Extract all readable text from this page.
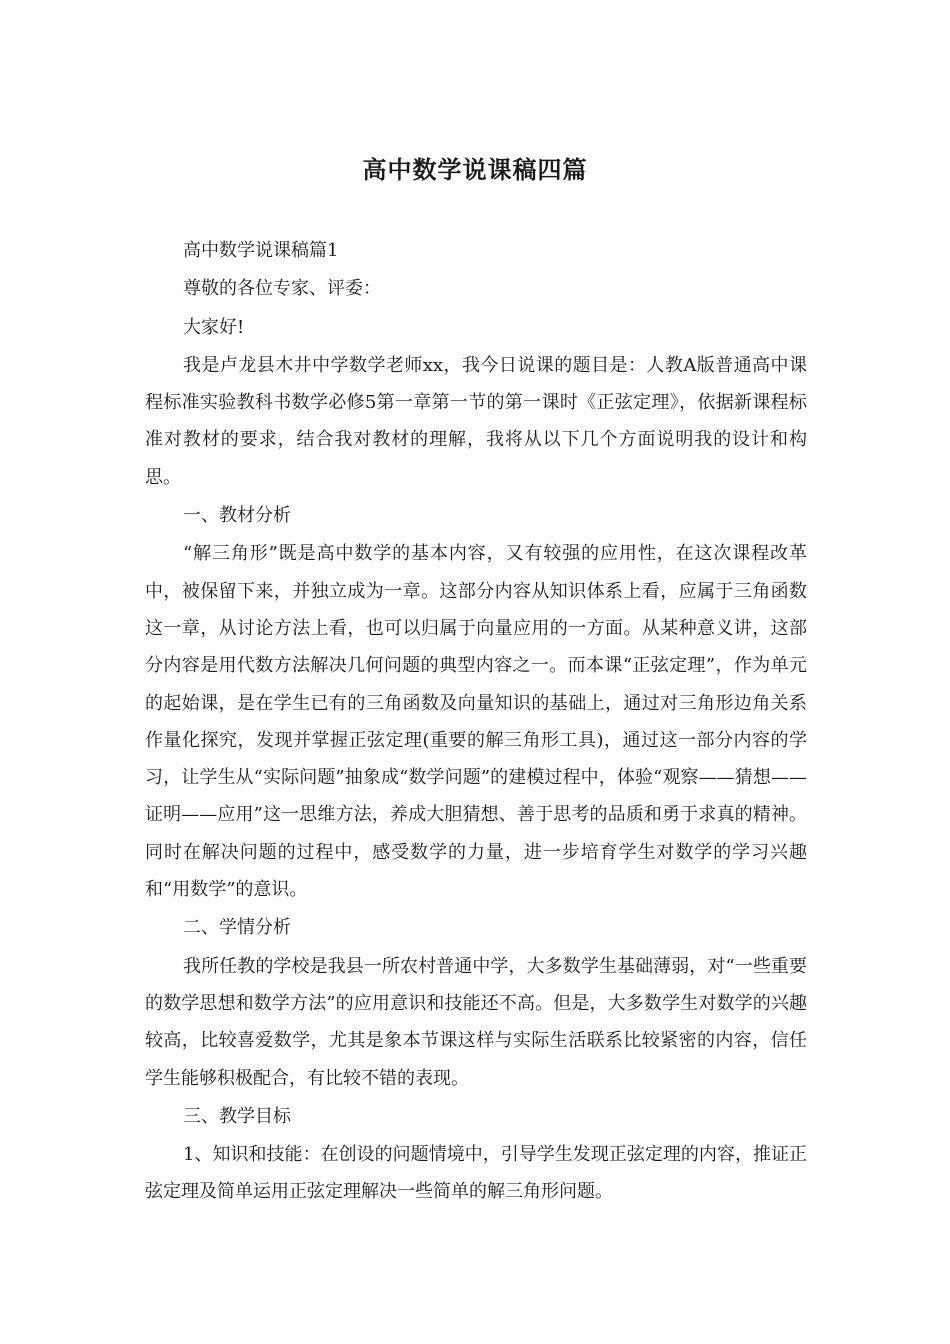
高中数学说课稿四篇

高中数学说课稿篇1

尊敬的各位专家、评委：

大家好!

我是卢龙县木井中学数学老师xx，我今日说课的题目是：人教A版普通高中课程标准实验教科书数学必修5第一章第一节的第一课时《正弦定理》，依据新课程标准对教材的要求，结合我对教材的理解，我将从以下几个方面说明我的设计和构思。

一、教材分析

“解三角形”既是高中数学的基本内容，又有较强的应用性，在这次课程改革中，被保留下来，并独立成为一章。这部分内容从知识体系上看，应属于三角函数这一章，从讨论方法上看，也可以归属于向量应用的一方面。从某种意义讲，这部分内容是用代数方法解决几何问题的典型内容之一。而本课“正弦定理”，作为单元的起始课，是在学生已有的三角函数及向量知识的基础上，通过对三角形边角关系作量化探究，发现并掌握正弦定理(重要的解三角形工具)，通过这一部分内容的学习，让学生从“实际问题”抽象成“数学问题”的建模过程中，体验“观察——猜想——证明——应用”这一思维方法，养成大胆猜想、善于思考的品质和勇于求真的精神。同时在解决问题的过程中，感受数学的力量，进一步培育学生对数学的学习兴趣和“用数学”的意识。

二、学情分析

我所任教的学校是我县一所农村普通中学，大多数学生基础薄弱，对“一些重要的数学思想和数学方法”的应用意识和技能还不高。但是，大多数学生对数学的兴趣较高，比较喜爱数学，尤其是象本节课这样与实际生活联系比较紧密的内容，信任学生能够积极配合，有比较不错的表现。

三、教学目标

1、知识和技能：在创设的问题情境中，引导学生发现正弦定理的内容，推证正弦定理及简单运用正弦定理解决一些简单的解三角形问题。
